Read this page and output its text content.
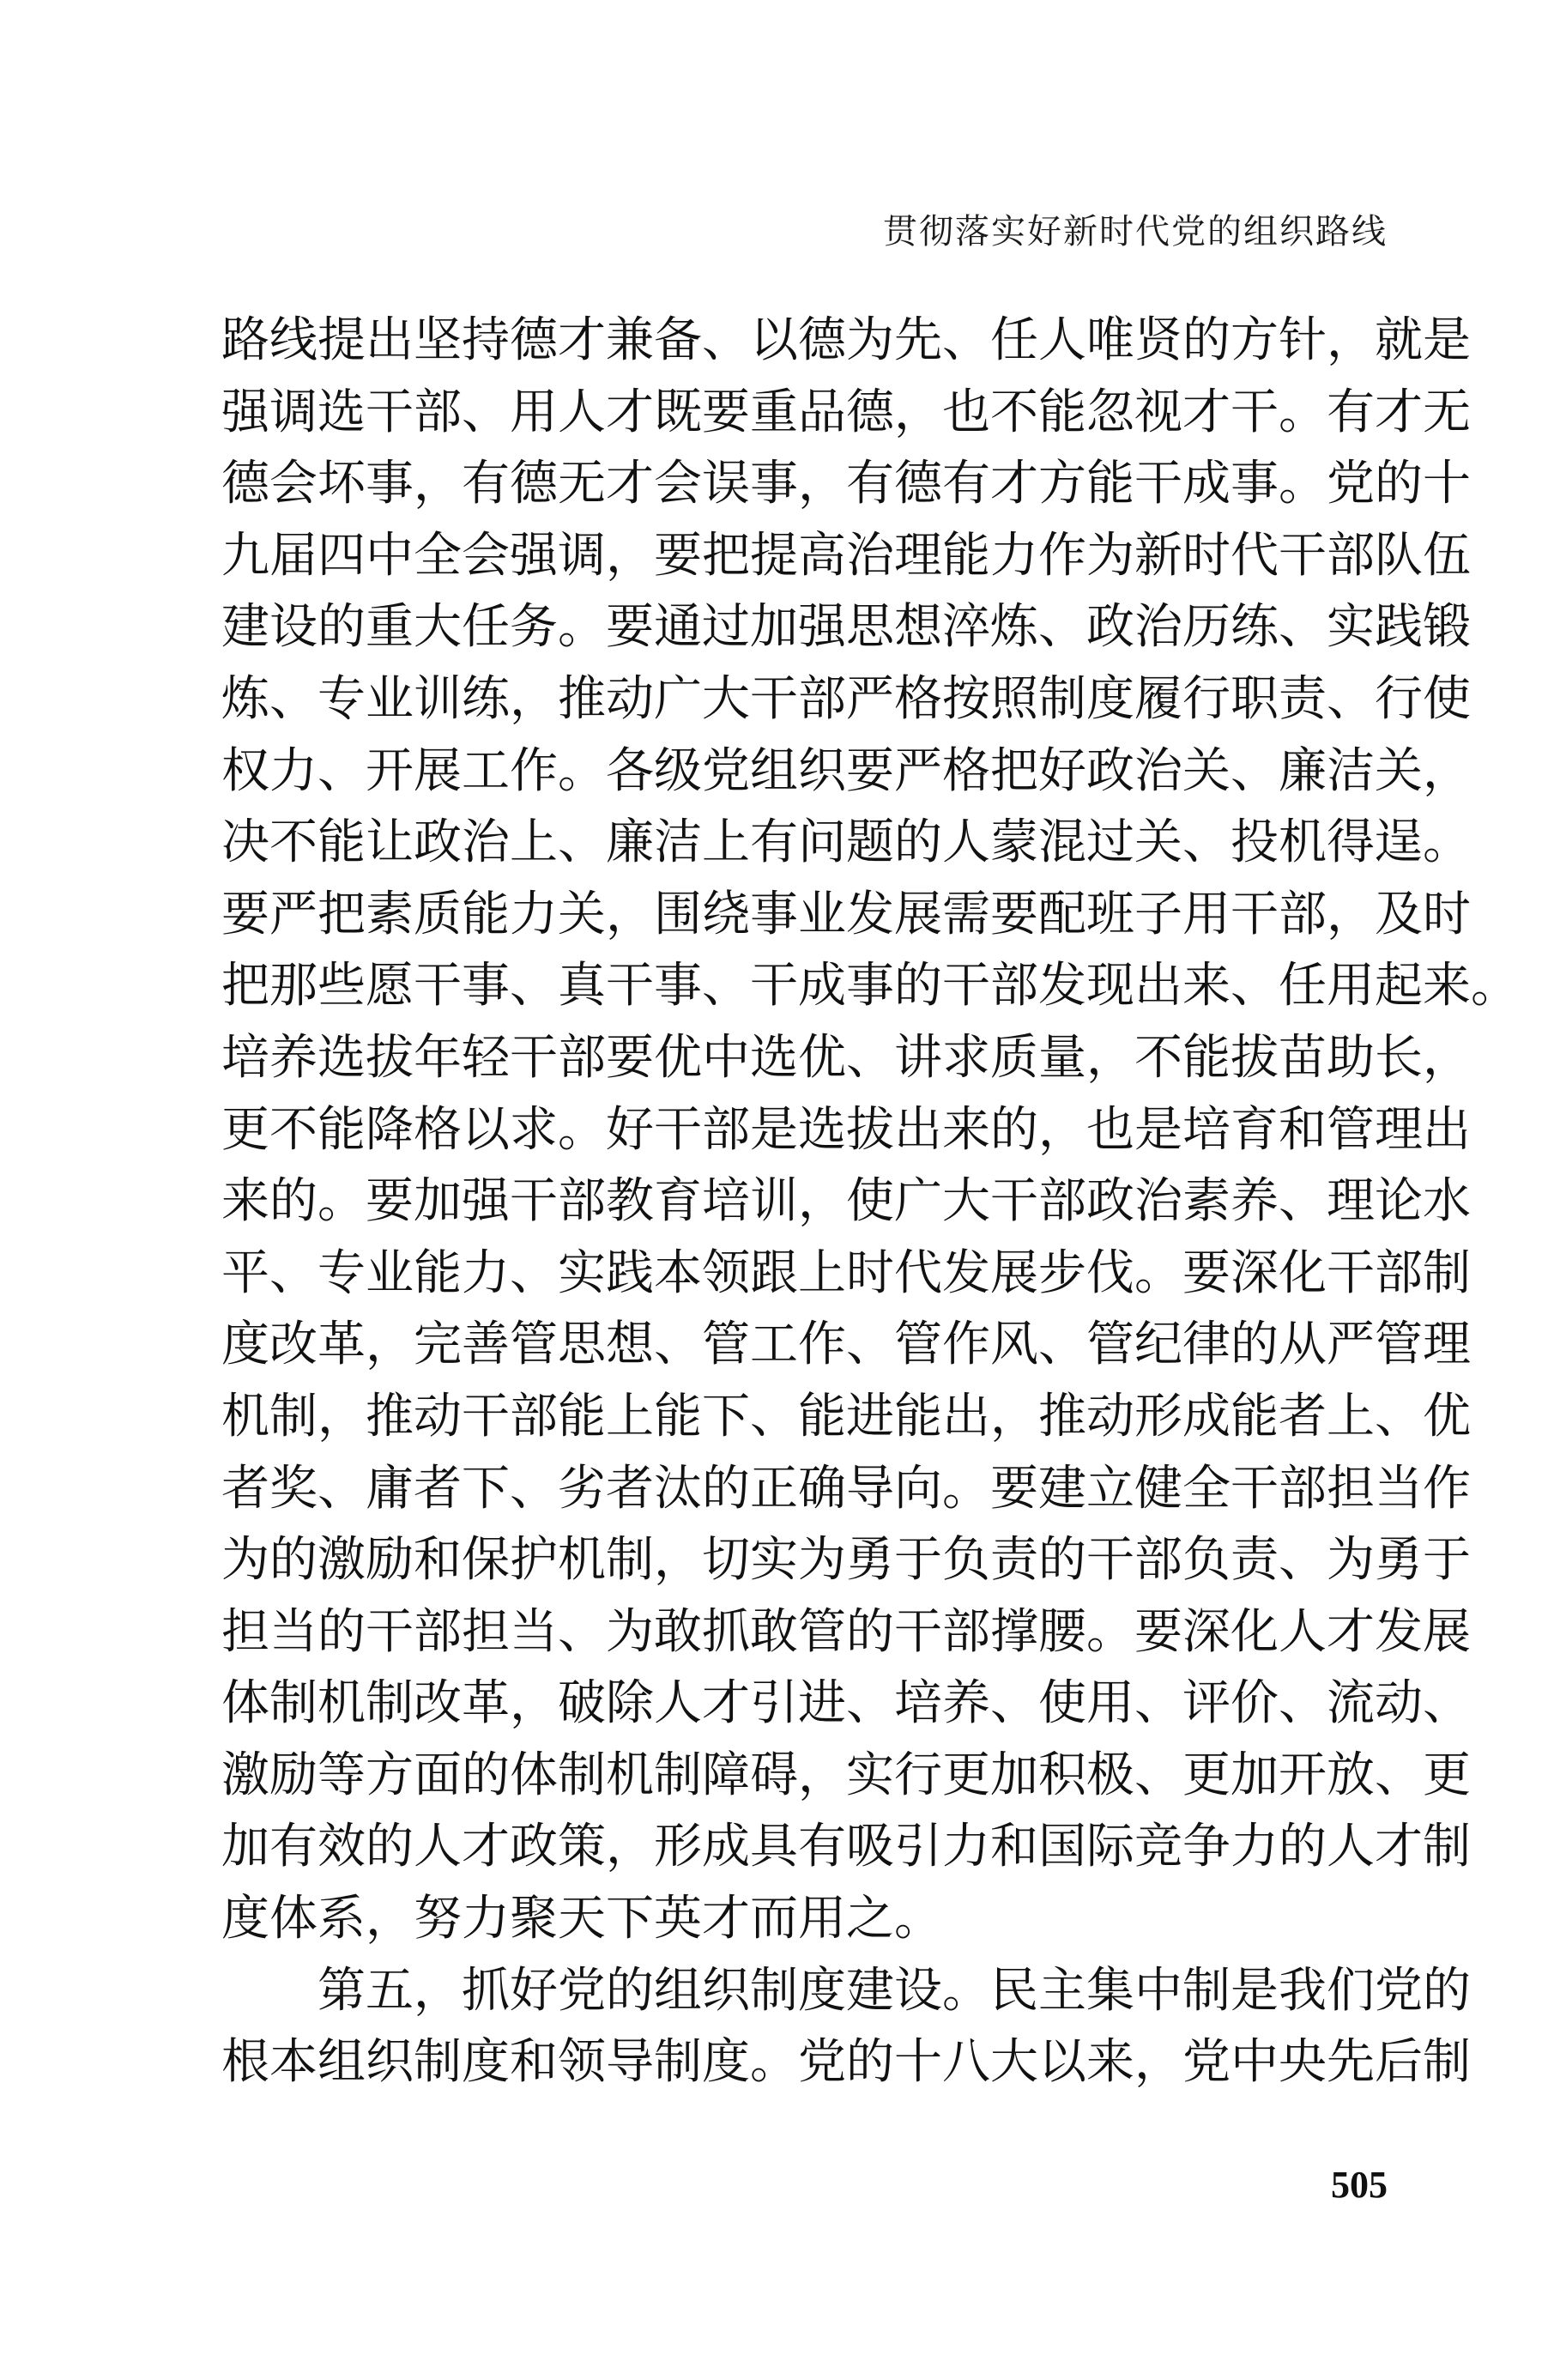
贯彻落实好新时代党的组织路线
路线提出坚持德才兼备、以德为先、任人唯贤的方针，就是
强调选干部、用人才既要重品德，也不能忽视才干。有才无
德会坏事，有德无才会误事，有德有才方能干成事。党的十
九届四中全会强调，要把提高治理能力作为新时代干部队伍
建设的重大任务。要通过加强思想淬炼、政治历练、实践锻
炼、专业训练，推动广大干部严格按照制度履行职责、行使
权力、开展工作。各级党组织要严格把好政治关、廉洁关，
决不能让政治上、廉洁上有问题的人蒙混过关、投机得逞。
要严把素质能力关，围绕事业发展需要配班子用干部，及时
把那些愿干事、真干事、干成事的干部发现出来、任用起来。
培养选拔年轻干部要优中选优、讲求质量，不能拔苗助长，
更不能降格以求。好干部是选拔出来的，也是培育和管理出
来的。要加强干部教育培训，使广大干部政治素养、理论水
平、专业能力、实践本领跟上时代发展步伐。要深化干部制
度改革，完善管思想、管工作、管作风、管纪律的从严管理
机制，推动干部能上能下、能进能出，推动形成能者上、优
者奖、庸者下、劣者汰的正确导向。要建立健全干部担当作
为的激励和保护机制，切实为勇于负责的干部负责、为勇于
担当的干部担当、为敢抓敢管的干部撑腰。要深化人才发展
体制机制改革，破除人才引进、培养、使用、评价、流动、
激励等方面的体制机制障碍，实行更加积极、更加开放、更
加有效的人才政策，形成具有吸引力和国际竞争力的人才制
度体系，努力聚天下英才而用之。
第五，抓好党的组织制度建设。民主集中制是我们党的
根本组织制度和领导制度。党的十八大以来，党中央先后制
505
